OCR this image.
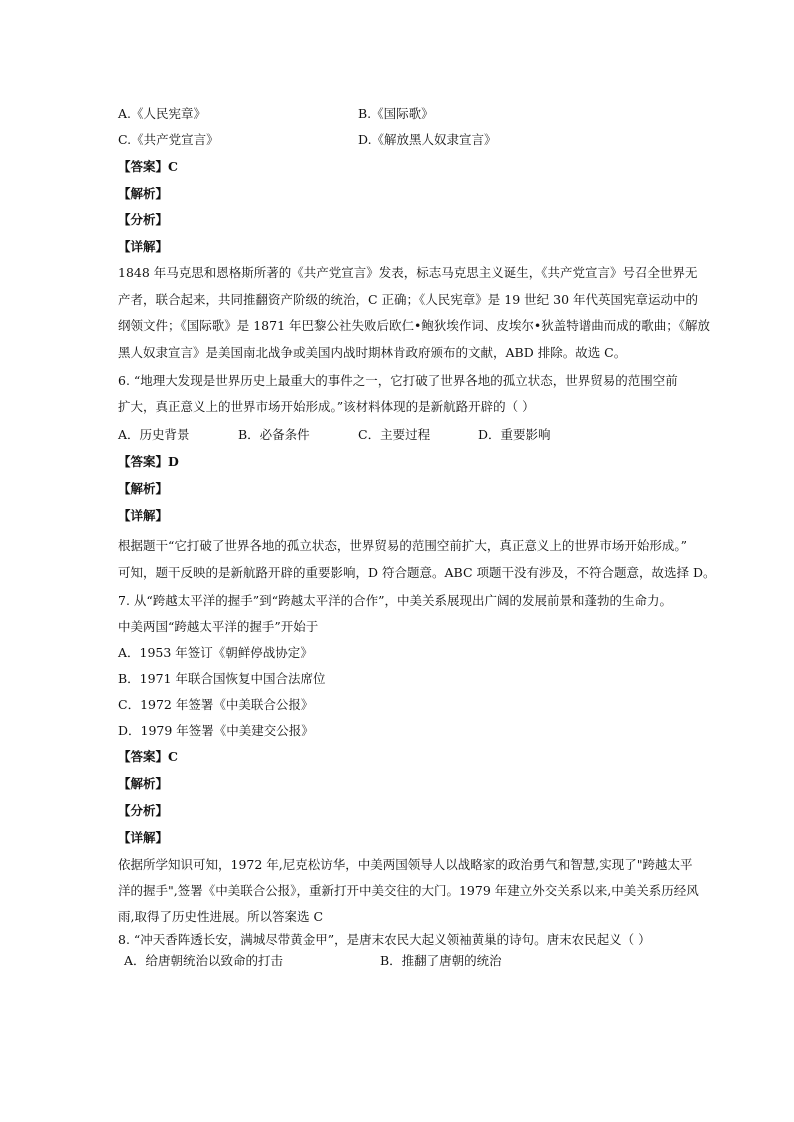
A.《人民宪章》	B.《国际歌》
C.《共产党宣言》	D.《解放黑人奴隶宣言》
【答案】C
【解析】
【分析】
【详解】
1848 年马克思和恩格斯所著的《共产党宣言》发表，标志马克思主义诞生，《共产党宣言》号召全世界无
产者，联合起来，共同推翻资产阶级的统治，C 正确；《人民宪章》是 19 世纪 30 年代英国宪章运动中的
纲领文件；《国际歌》是 1871 年巴黎公社失败后欧仁•鲍狄埃作词、皮埃尔•狄盖特谱曲而成的歌曲；《解放
黑人奴隶宣言》是美国南北战争或美国内战时期林肯政府颁布的文献，ABD 排除。故选 C。
6. “地理大发现是世界历史上最重大的事件之一，它打破了世界各地的孤立状态，世界贸易的范围空前
扩大，真正意义上的世界市场开始形成。”该材料体现的是新航路开辟的（ ）
A．历史背景	B．必备条件	C．主要过程	D．重要影响
【答案】D
【解析】
【详解】
根据题干“它打破了世界各地的孤立状态，世界贸易的范围空前扩大，真正意义上的世界市场开始形成。”
可知，题干反映的是新航路开辟的重要影响，D 符合题意。ABC 项题干没有涉及，不符合题意，故选择 D。
7. 从“跨越太平洋的握手”到“跨越太平洋的合作”，中美关系展现出广阔的发展前景和蓬勃的生命力。
中美两国“跨越太平洋的握手”开始于
A．1953 年签订《朝鲜停战协定》
B．1971 年联合国恢复中国合法席位
C．1972 年签署《中美联合公报》
D．1979 年签署《中美建交公报》
【答案】C
【解析】
【分析】
【详解】
依据所学知识可知，1972 年,尼克松访华，中美两国领导人以战略家的政治勇气和智慧,实现了"跨越太平
洋的握手",签署《中美联合公报》，重新打开中美交往的大门。1979 年建立外交关系以来,中美关系历经风
雨,取得了历史性进展。所以答案选 C
8. “冲天香阵透长安，满城尽带黄金甲”，是唐末农民大起义领袖黄巢的诗句。唐末农民起义（ ）
A．给唐朝统治以致命的打击	B．推翻了唐朝的统治
